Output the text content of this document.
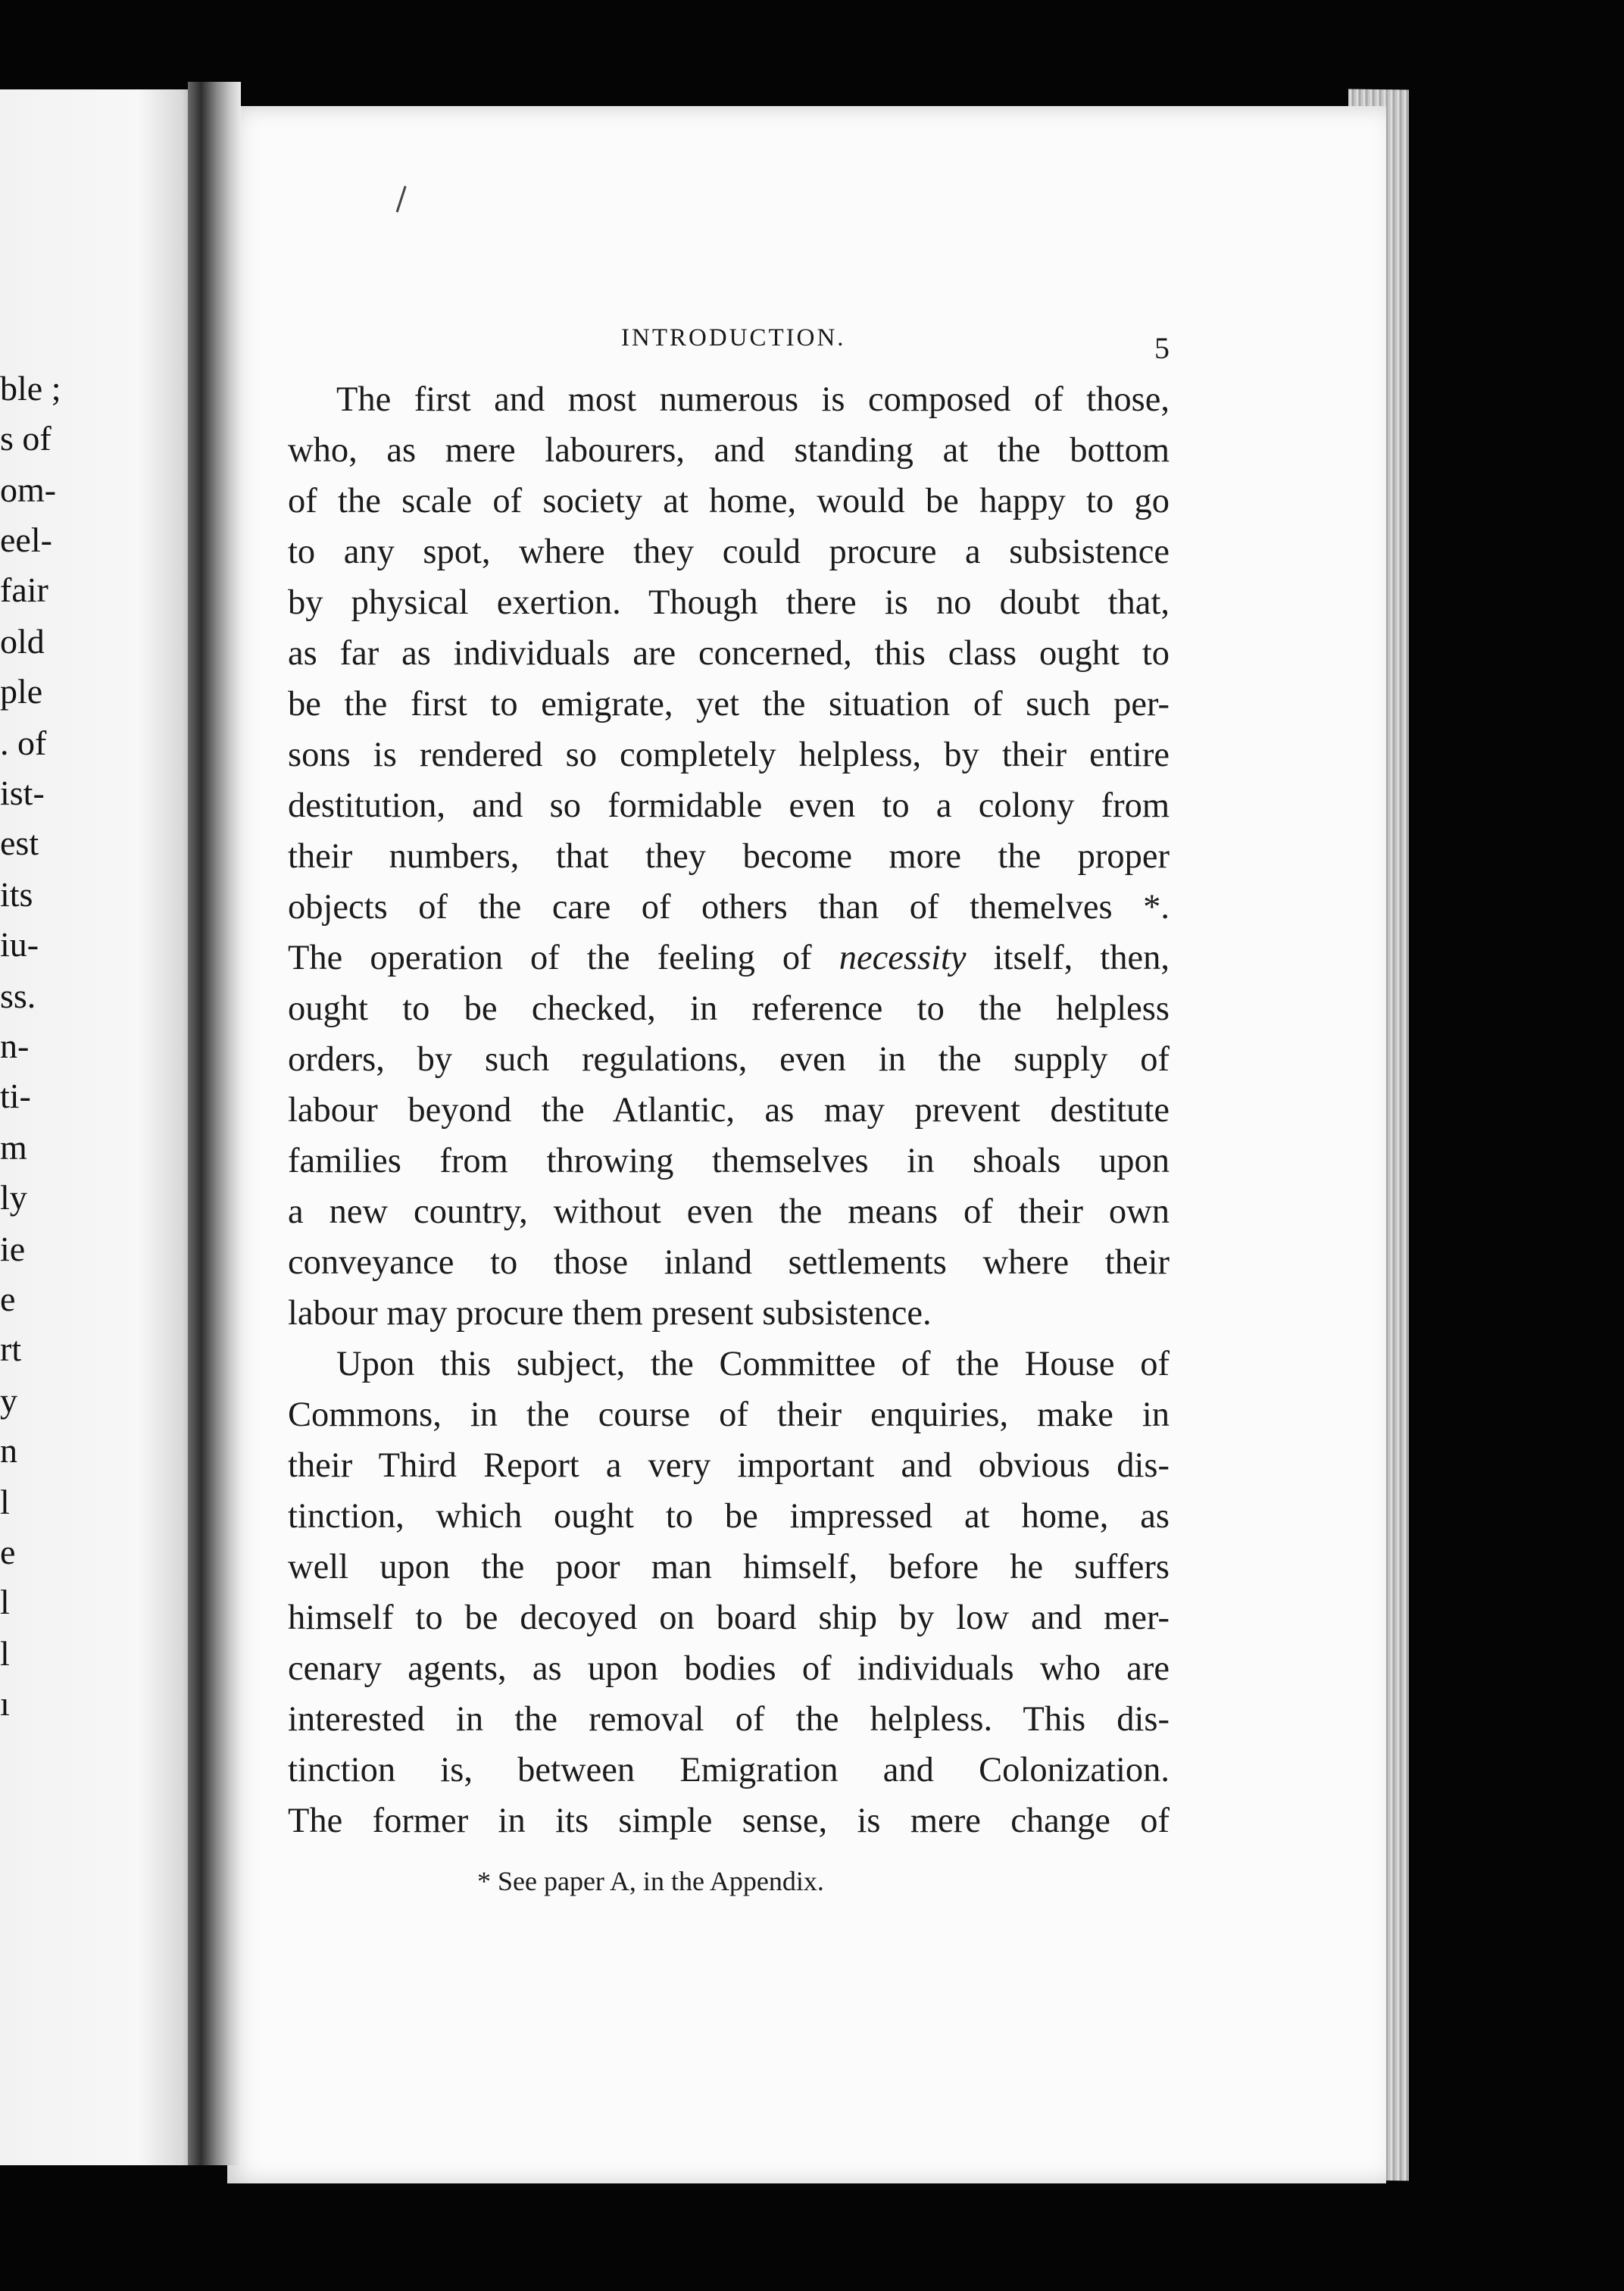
ble ;
s of
om-
eel-
fair
old
ple
. of
ist-
est
its
iu-
ss.
n-
ti-
m
ly
ie
e
rt
y
n
l
e
l
l
ı

INTRODUCTION.	5

The first and most numerous is composed of those,
who, as mere labourers, and standing at the bottom
of the scale of society at home, would be happy to go
to any spot, where they could procure a subsistence
by physical exertion. Though there is no doubt that,
as far as individuals are concerned, this class ought to
be the first to emigrate, yet the situation of such per-
sons is rendered so completely helpless, by their entire
destitution, and so formidable even to a colony from
their numbers, that they become more the proper
objects of the care of others than of themelves *.
The operation of the feeling of necessity itself, then,
ought to be checked, in reference to the helpless
orders, by such regulations, even in the supply of
labour beyond the Atlantic, as may prevent destitute
families from throwing themselves in shoals upon
a new country, without even the means of their own
conveyance to those inland settlements where their
labour may procure them present subsistence.
Upon this subject, the Committee of the House of
Commons, in the course of their enquiries, make in
their Third Report a very important and obvious dis-
tinction, which ought to be impressed at home, as
well upon the poor man himself, before he suffers
himself to be decoyed on board ship by low and mer-
cenary agents, as upon bodies of individuals who are
interested in the removal of the helpless. This dis-
tinction is, between Emigration and Colonization.
The former in its simple sense, is mere change of

* See paper A, in the Appendix.
